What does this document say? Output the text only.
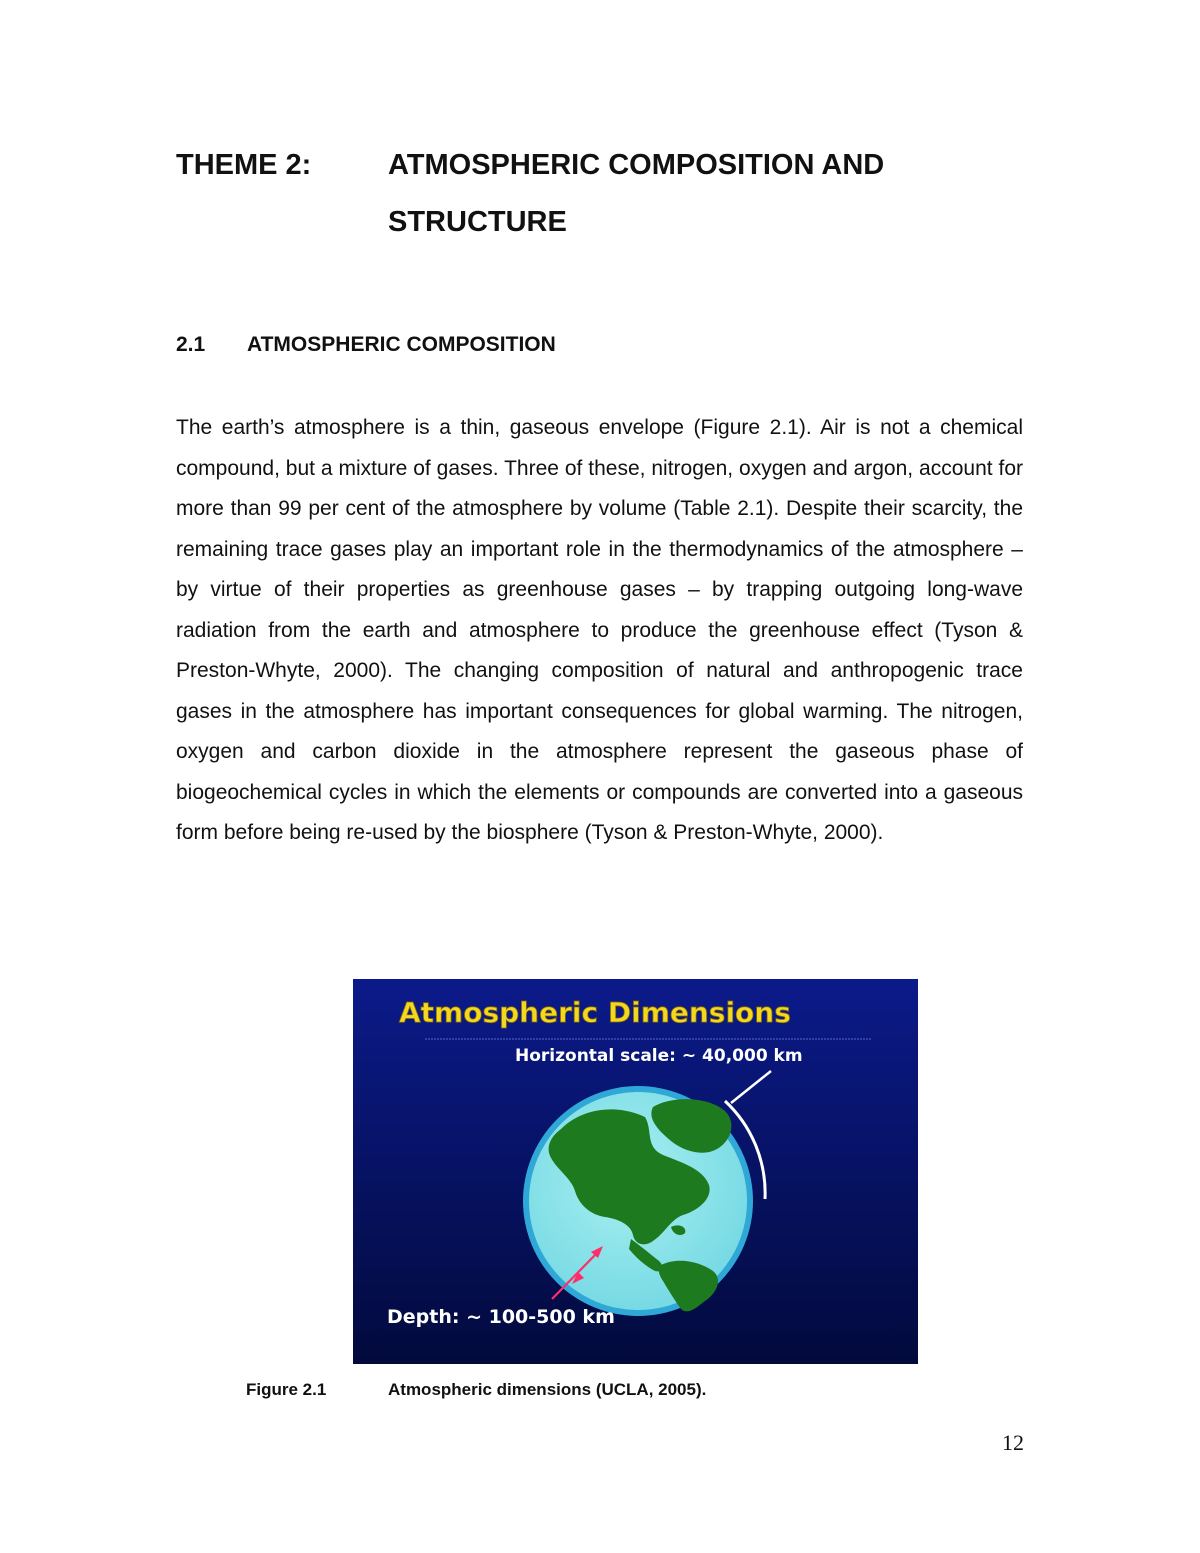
THEME 2:	ATMOSPHERIC COMPOSITION AND STRUCTURE
2.1 ATMOSPHERIC COMPOSITION

The earth’s atmosphere is a thin, gaseous envelope (Figure 2.1). Air is not a chemical compound, but a mixture of gases. Three of these, nitrogen, oxygen and argon, account for more than 99 per cent of the atmosphere by volume (Table 2.1). Despite their scarcity, the remaining trace gases play an important role in the thermodynamics of the atmosphere – by virtue of their properties as greenhouse gases – by trapping outgoing long-wave radiation from the earth and atmosphere to produce the greenhouse effect (Tyson & Preston-Whyte, 2000). The changing composition of natural and anthropogenic trace gases in the atmosphere has important consequences for global warming. The nitrogen, oxygen and carbon dioxide in the atmosphere represent the gaseous phase of biogeochemical cycles in which the elements or compounds are converted into a gaseous form before being re-used by the biosphere (Tyson & Preston-Whyte, 2000).

Atmospheric Dimensions
Horizontal scale: ~ 40,000 km
Depth: ~ 100-500 km
Figure 2.1	Atmospheric dimensions (UCLA, 2005).
12
